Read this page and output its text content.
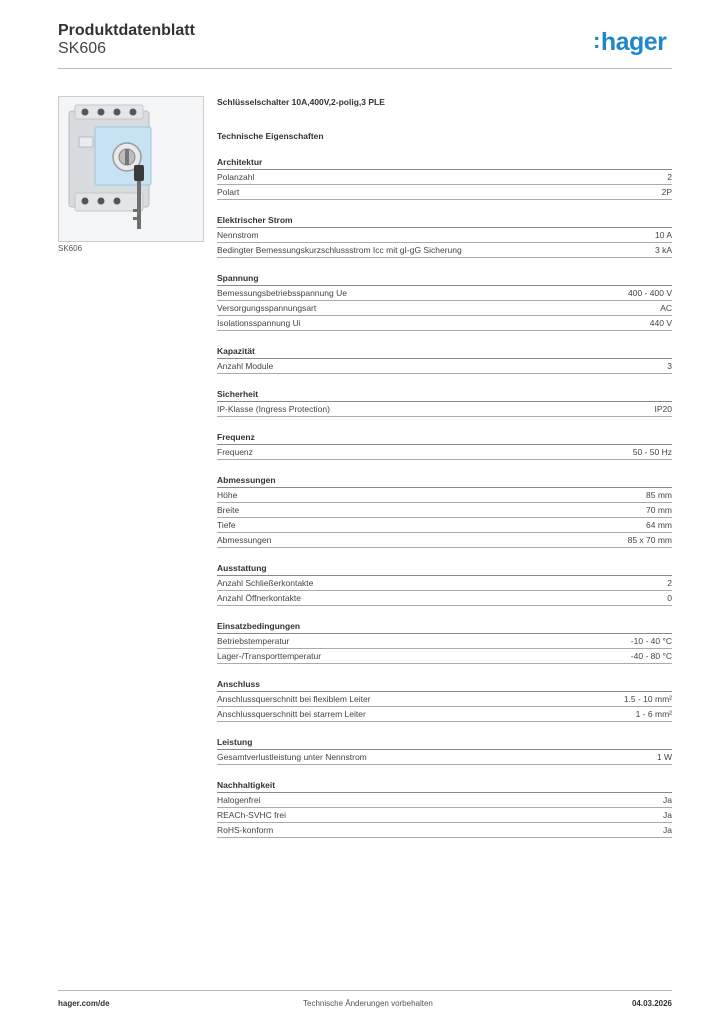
Produktdatenblatt
SK606	:hager
SK606
Schlüsselschalter 10A,400V,2-polig,3 PLE
Technische Eigenschaften
Architektur
Polanzahl	2
Polart	2P
Elektrischer Strom
Nennstrom	10 A
Bedingter Bemessungskurzschlussstrom Icc mit gI-gG Sicherung	3 kA
Spannung
Bemessungsbetriebsspannung Ue	400 - 400 V
Versorgungsspannungsart	AC
Isolationsspannung Ui	440 V
Kapazität
Anzahl Module	3
Sicherheit
IP-Klasse (Ingress Protection)	IP20
Frequenz
Frequenz	50 - 50 Hz
Abmessungen
Höhe	85 mm
Breite	70 mm
Tiefe	64 mm
Abmessungen	85 x 70 mm
Ausstattung
Anzahl Schließerkontakte	2
Anzahl Öffnerkontakte	0
Einsatzbedingungen
Betriebstemperatur	-10 - 40 °C
Lager-/Transporttemperatur	-40 - 80 °C
Anschluss
Anschlussquerschnitt bei flexiblem Leiter	1.5 - 10 mm²
Anschlussquerschnitt bei starrem Leiter	1 - 6 mm²
Leistung
Gesamtverlustleistung unter Nennstrom	1 W
Nachhaltigkeit
Halogenfrei	Ja
REACh-SVHC frei	Ja
RoHS-konform	Ja
hager.com/de	Technische Änderungen vorbehalten	04.03.2026
